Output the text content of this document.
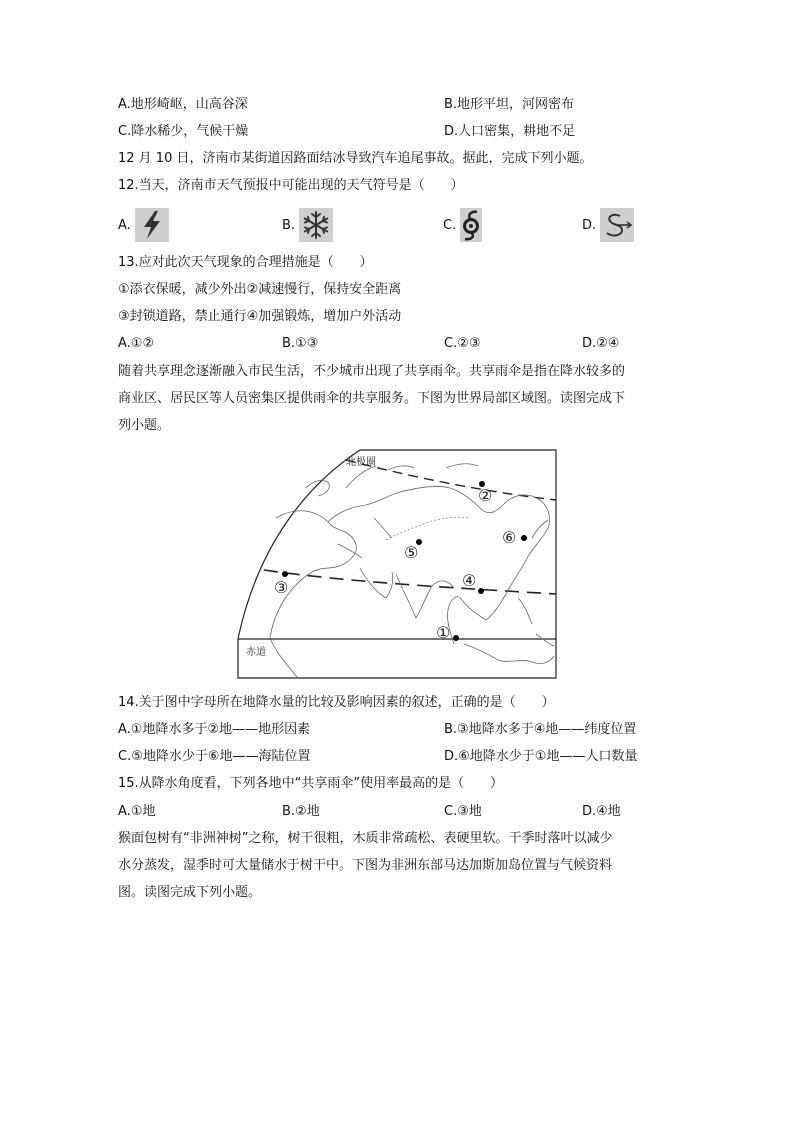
A.地形崎岖，山高谷深	B.地形平坦，河网密布
C.降水稀少，气候干燥	D.人口密集，耕地不足
12 月 10 日，济南市某街道因路面结冰导致汽车追尾事故。据此，完成下列小题。
12.当天，济南市天气预报中可能出现的天气符号是（　　）
A.	B.	C.	D.
13.应对此次天气现象的合理措施是（　　）
①添衣保暖，减少外出②减速慢行，保持安全距离
③封锁道路，禁止通行④加强锻炼，增加户外活动
A.①②	B.①③	C.②③	D.②④
随着共享理念逐渐融入市民生活，不少城市出现了共享雨伞。共享雨伞是指在降水较多的
商业区、居民区等人员密集区提供雨伞的共享服务。下图为世界局部区域图。读图完成下
列小题。
北极圈
赤道
①
②
③	④
⑤
⑥
14.关于图中字母所在地降水量的比较及影响因素的叙述，正确的是（　　）
A.①地降水多于②地——地形因素	B.③地降水多于④地——纬度位置
C.⑤地降水少于⑥地——海陆位置	D.⑥地降水少于①地——人口数量
15.从降水角度看，下列各地中“共享雨伞”使用率最高的是（　　）
A.①地	B.②地	C.③地	D.④地
猴面包树有“非洲神树”之称，树干很粗，木质非常疏松、表硬里软。干季时落叶以减少
水分蒸发，湿季时可大量储水于树干中。下图为非洲东部马达加斯加岛位置与气候资料
图。读图完成下列小题。
